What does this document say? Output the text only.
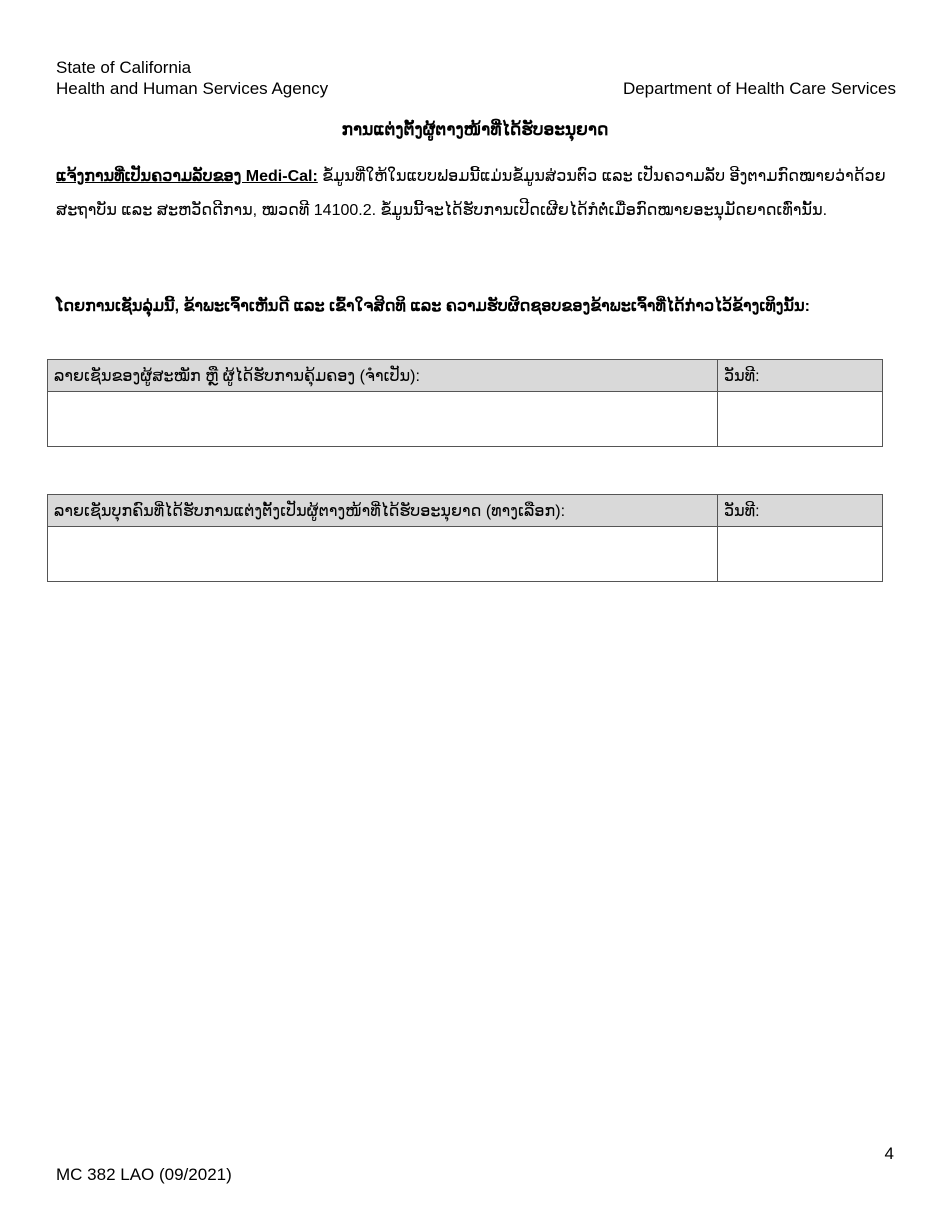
State of California
Health and Human Services Agency	Department of Health Care Services
ການແຕ່ງຕັ້ງຜູ້ຕາງໜ້າທີ່ໄດ້ຮັບອະນຸຍາດ
ແຈ້ງການທີ່ເປັນຄວາມລັບຂອງ Medi-Cal: ຂໍ້ມູນທີ່ໃຫ້ໃນແບບຟອມນີ້ແມ່ນຂໍ້ມູນສ່ວນຕົວ ແລະ ເປັນຄວາມລັບ ອີງຕາມກົດໝາຍວ່າດ້ວຍສະຖາບັນ ແລະ ສະຫວັດດີການ, ໝວດທີ 14100.2. ຂໍ້ມູນນີ້ຈະໄດ້ຮັບການເປີດເຜີຍໄດ້ກໍຕໍ່ເມື່ອກົດໝາຍອະນຸມັດຍາດເທົ່ານັ້ນ.
ໂດຍການເຊັນລຸ່ມນີ້, ຂ້າພະເຈົ້າເຫັນດີ ແລະ ເຂົ້າໃຈສິດທິ ແລະ ຄວາມຮັບຜິດຊອບຂອງຂ້າພະເຈົ້າທີ່ໄດ້ກ່າວໄວ້ຂ້າງເທິງນັ້ນ:
ລາຍເຊັນຂອງຜູ້ສະໝັກ ຫຼື ຜູ້ໄດ້ຮັບການຄຸ້ມຄອງ (ຈຳເປັນ):	ວັນທີ:

ລາຍເຊັນບຸກຄົນທີ່ໄດ້ຮັບການແຕ່ງຕັ້ງເປັນຜູ້ຕາງໜ້າທີ່ໄດ້ຮັບອະນຸຍາດ (ທາງເລືອກ):	ວັນທີ:

4
MC 382 LAO (09/2021)
